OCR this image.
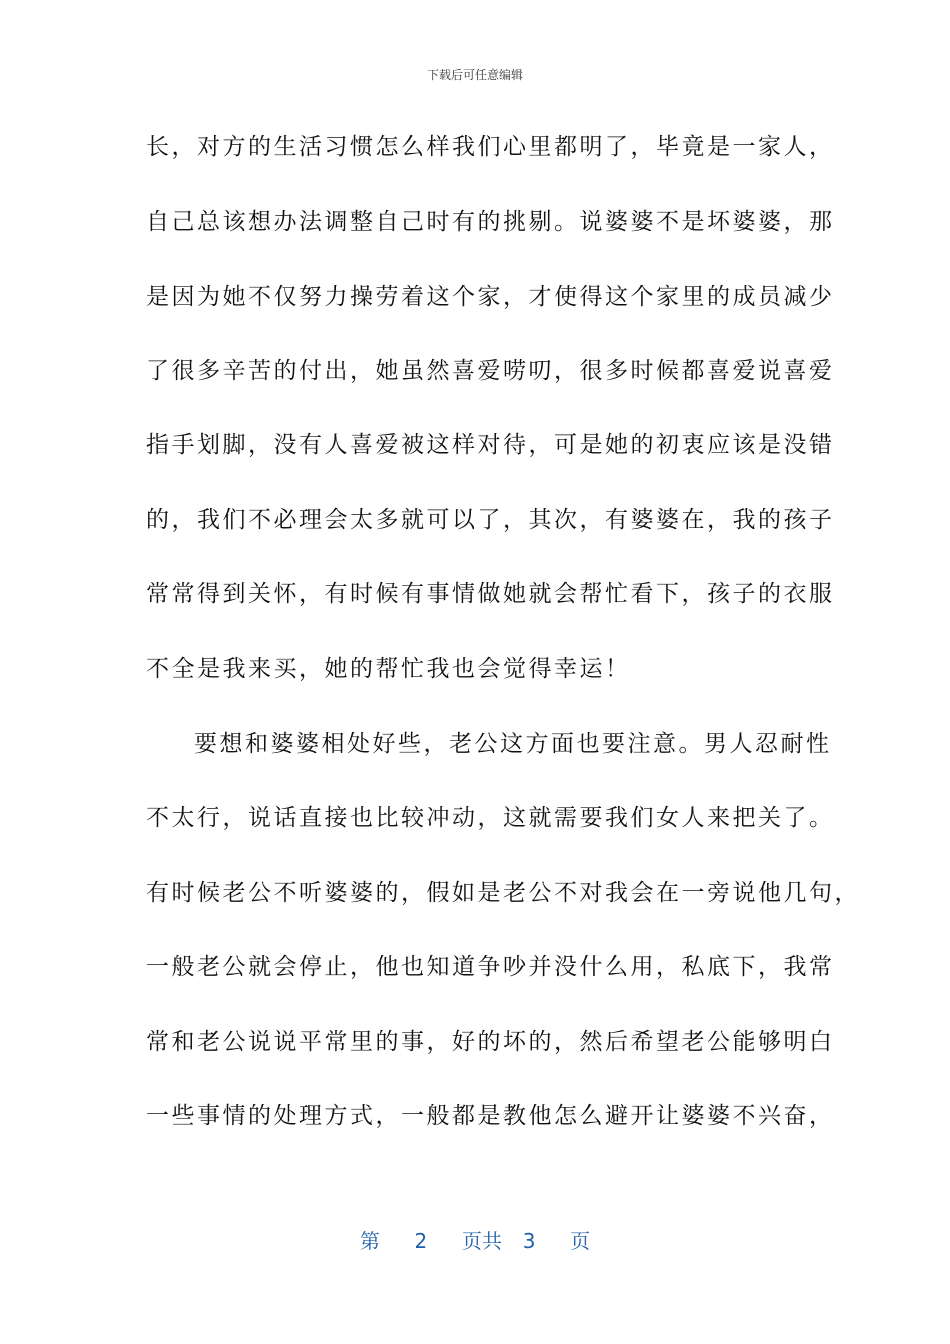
下载后可任意编辑
长，对方的生活习惯怎么样我们心里都明了，毕竟是一家人，
自己总该想办法调整自己时有的挑剔。说婆婆不是坏婆婆，那
是因为她不仅努力操劳着这个家，才使得这个家里的成员减少
了很多辛苦的付出，她虽然喜爱唠叨，很多时候都喜爱说喜爱
指手划脚，没有人喜爱被这样对待，可是她的初衷应该是没错
的，我们不必理会太多就可以了，其次，有婆婆在，我的孩子
常常得到关怀，有时候有事情做她就会帮忙看下，孩子的衣服
不全是我来买，她的帮忙我也会觉得幸运！
要想和婆婆相处好些，老公这方面也要注意。男人忍耐性
不太行，说话直接也比较冲动，这就需要我们女人来把关了。
有时候老公不听婆婆的，假如是老公不对我会在一旁说他几句，
一般老公就会停止，他也知道争吵并没什么用，私底下，我常
常和老公说说平常里的事，好的坏的，然后希望老公能够明白
一些事情的处理方式，一般都是教他怎么避开让婆婆不兴奋，
第 2 页共 3 页
